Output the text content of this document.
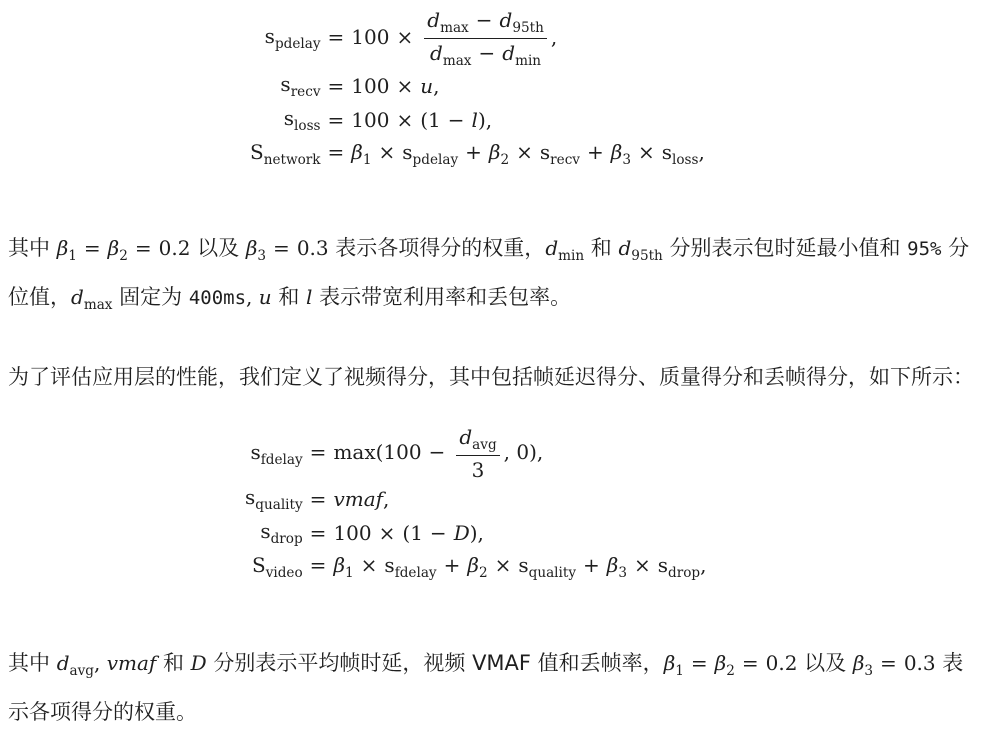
$s_{pdelay}$	= $100 \times \frac{d_{max} - d_{95th}}{d_{max} - d_{min}}$ ,
$s_{recv}$	= 100 × u,
$s_{loss}$	= 100 × (1 − l),
$S_{network}$	= $\beta_1 \times s_{pdelay} + \beta_2 \times s_{recv} + \beta_3 \times s_{loss}$,

其中 $\beta_1 = \beta_2 = 0.2$ 以及 $\beta_3 = 0.3$ 表示各项得分的权重，$d_{min}$ 和 $d_{95th}$ 分别表示包时延最小值和 95% 分位值，$d_{max}$ 固定为 400ms, u 和 l 表示带宽利用率和丢包率。

为了评估应用层的性能，我们定义了视频得分，其中包括帧延迟得分、质量得分和丢帧得分，如下所示：

$s_{fdelay}$	= $\max(100 - \frac{d_{avg}}{3}$ , 0),
$s_{quality}$	= vmaf,
$s_{drop}$	= 100 × (1 − D),
$S_{video}$	= $\beta_1 \times s_{fdelay} + \beta_2 \times s_{quality} + \beta_3 \times s_{drop}$,

其中 $d_{avg}$, vmaf 和 D 分别表示平均帧时延，视频 VMAF 值和丢帧率，$\beta_1 = \beta_2 = 0.2$ 以及 $\beta_3 = 0.3$ 表示各项得分的权重。
